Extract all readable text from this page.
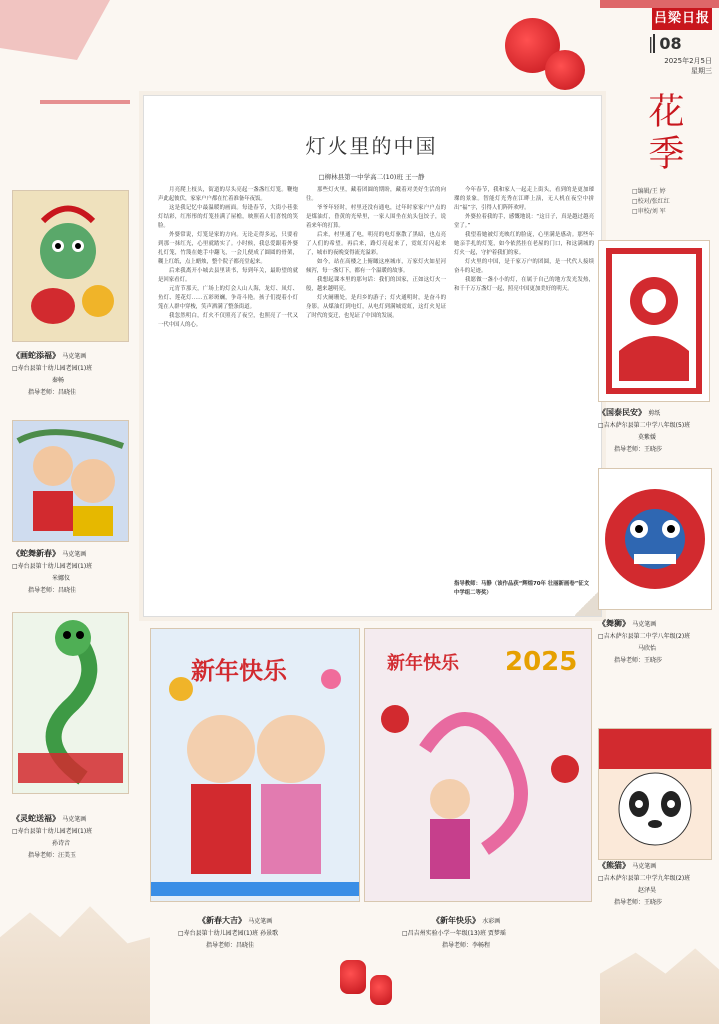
吕梁日报
| 08
2025年2月5日
星期三
花季
□编辑/王 婷
□校对/张红红
□审校/刘 军
灯火里的中国
□柳林县第一中学高二(10)班 王一静

月亮爬上枝头，街道的尽头亮起一盏盏红灯笼。鞭炮声此起彼伏，家家户户都在忙着准备年夜饭。

这是我记忆中最温暖的画面。每逢春节，大街小巷张灯结彩，红彤彤的灯笼挂满了屋檐，映照着人们喜悦的笑脸。

外婆常说，灯笼是家的方向。无论走得多远，只要看到那一抹红光，心里就踏实了。小时候，我总爱跟着外婆扎灯笼，竹篾在她手中翻飞，一会儿便成了圆圆的骨架，糊上红纸，点上蜡烛，整个院子都亮堂起来。

后来我离开小城去县里读书，每到年关，最盼望的就是回家看灯。

元宵节那天，广场上的灯会人山人海，龙灯、凤灯、鱼灯、莲花灯……五彩斑斓，争奇斗艳。孩子们提着小灯笼在人群中穿梭，笑声洒满了整条街道。

我忽然明白，灯火不仅照亮了夜空，也照亮了一代又一代中国人的心。

那些灯火里，藏着团圆的期盼，藏着对美好生活的向往。

爷爷年轻时，村里还没有通电，过年时家家户户点的是煤油灯，昏黄的光晕里，一家人围坐在炕头包饺子，说着来年的打算。

后来，村里通了电，明亮的电灯驱散了黑暗，也点亮了人们的希望。再后来，路灯亮起来了，霓虹灯闪起来了，城市的夜晚变得流光溢彩。

如今，站在高楼之上俯瞰这座城市，万家灯火如星河倾泻，每一盏灯下，都有一个温暖的故事。

我想起课本里的那句话：我们的国家，正如这灯火一般，越来越明亮。

灯火阑珊处，是归乡的游子；灯火通明时，是奋斗的身影。从煤油灯到电灯，从电灯到满城霓虹，这灯火见证了时代的变迁，也见证了中国的发展。

今年春节，我和家人一起走上街头，看到的是更加璀璨的景象。智能灯光秀在江畔上演，无人机在夜空中拼出“福”字，引得人们阵阵欢呼。

外婆拉着我的手，感慨地说：“这日子，真是越过越亮堂了。”

我望着她被灯光映红的脸庞，心里满是感动。那些年她亲手扎的灯笼，如今依然挂在老屋的门口，和这满城的灯火一起，守护着我们的家。

灯火里的中国，是千家万户的团圆，是一代代人接续奋斗的足迹。

我愿做一盏小小的灯，在属于自己的地方发光发热，和千千万万盏灯一起，照亮中国更加美好的明天。

指导教师：马静（该作品获“辉煌70年 壮丽新画卷”征文中学组二等奖）
《画蛇添福》 马克笔画
□寿台县第十幼儿园老园(1)班
秦畅
指导老师：昌晓佳
《蛇舞新春》 马克笔画
□寿台县第十幼儿园老园(1)班
米娜仪
指导老师：昌晓佳
《灵蛇送福》 马克笔画
□寿台县第十幼儿园老园(1)班
孙诗音
指导老师：汪美玉
《国泰民安》 剪纸
□吉木萨尔县第二中学八年级(5)班
莫紫媛
指导老师：王晓莎
《舞狮》 马克笔画
□吉木萨尔县第二中学八年级(2)班
马欣怡
指导老师：王晓莎
《熊猫》 马克笔画
□吉木萨尔县第二中学九年级(2)班
赵泽昊
指导老师：王晓莎
新年快乐
《新春大吉》 马克笔画
□寿台县第十幼儿园老园(1)班 孙景歌
指导老师：昌晓佳
新年快乐 2025
《新年快乐》 水彩画
□昌吉州实验小学一年级(13)班 贾梦瑶
指导老师：李畅程
